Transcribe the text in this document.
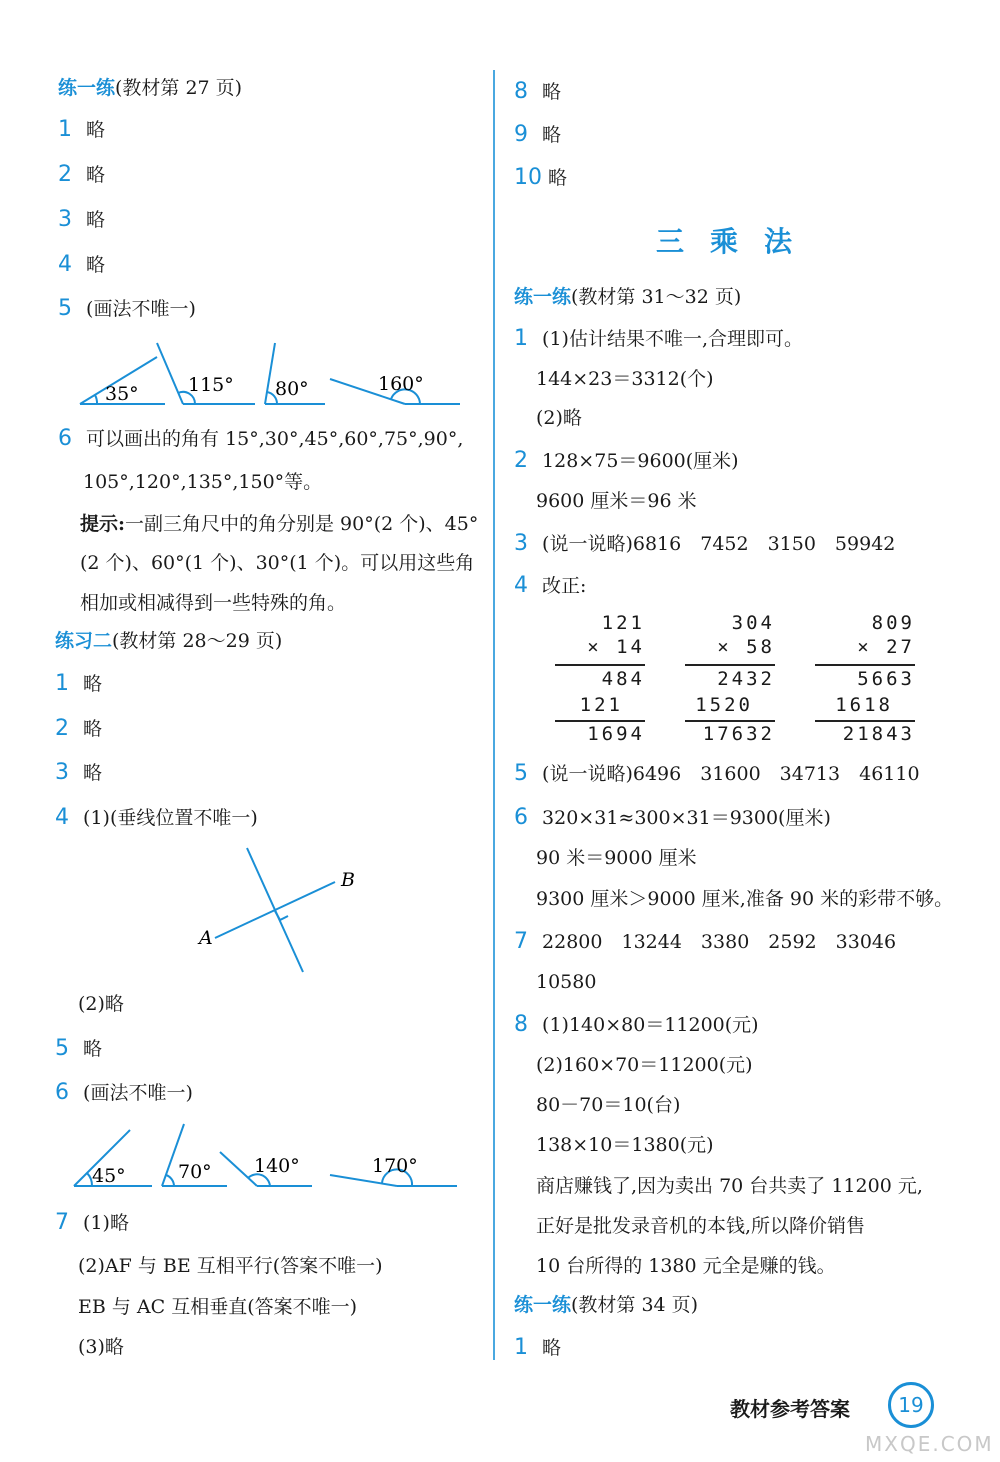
练一练(教材第 27 页)
1 略
2 略
3 略
4 略
5 (画法不唯一)
35°	115° 80°	160°
6 可以画出的角有 15°,30°,45°,60°,75°,90°,
105°,120°,135°,150°等。
提示:一副三角尺中的角分别是 90°(2 个)、45°
(2 个)、60°(1 个)、30°(1 个)。可以用这些角
相加或相减得到一些特殊的角。
练习二(教材第 28～29 页)
1 略
2 略
3 略
4 (1)(垂线位置不唯一)
A
B
(2)略
5 略
6 (画法不唯一)
45°	70° 140°	170°
7 (1)略
(2)AF 与 BE 互相平行(答案不唯一)
EB 与 AC 互相垂直(答案不唯一)
(3)略
8 略
9 略
10 略
三乘法
练一练(教材第 31～32 页)
1 (1)估计结果不唯一,合理即可。
144×23＝3312(个)
(2)略
2 128×75＝9600(厘米)
9600 厘米＝96 米
3 (说一说略)6816　7452　3150　59942
4 改正:
121
× 14
484
121
1694
304
× 58
2432
1520
17632
809
× 27
5663
1618
21843
5 (说一说略)6496　31600　34713　46110
6 320×31≈300×31＝9300(厘米)
90 米＝9000 厘米
9300 厘米＞9000 厘米,准备 90 米的彩带不够。
7 22800　13244　3380　2592　33046
10580
8 (1)140×80＝11200(元)
(2)160×70＝11200(元)
80－70＝10(台)
138×10＝1380(元)
商店赚钱了,因为卖出 70 台共卖了 11200 元,
正好是批发录音机的本钱,所以降价销售
10 台所得的 1380 元全是赚的钱。
练一练(教材第 34 页)
1 略
教材参考答案	19
MXQE.COM
